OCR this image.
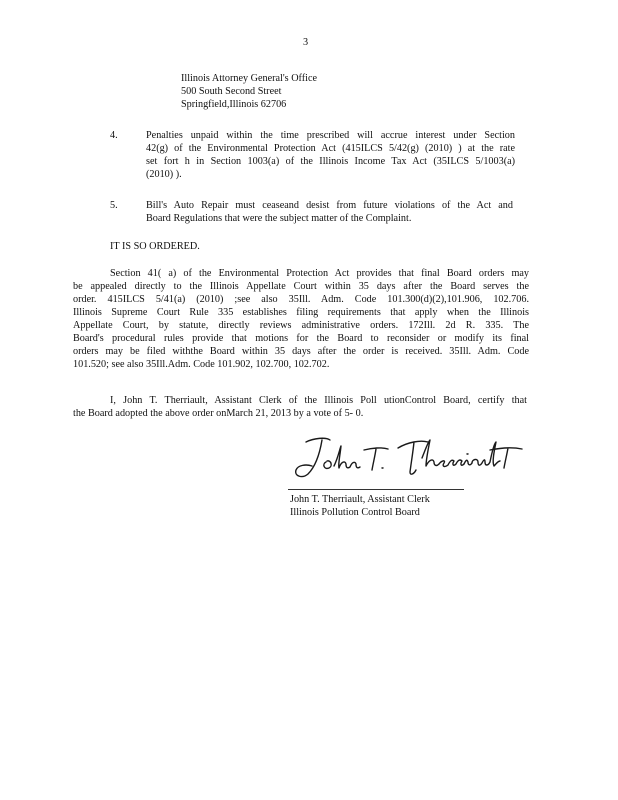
3
Illinois Attorney General's Office
500 South Second Street
Springfield,Illinois 62706
4.	Penalties unpaid within the time prescribed will accrue interest under Section
42(g) of the Environmental Protection Act (415ILCS 5/42(g) (2010) ) at the rate
set fort h in Section 1003(a) of the Illinois Income Tax Act (35ILCS 5/1003(a)
(2010) ).
5.	Bill's Auto Repair must ceaseand desist from future violations of the Act and
Board Regulations that were the subject matter of the Complaint.
IT IS SO ORDERED.
Section 41( a) of the Environmental Protection Act provides that final Board orders may
be appealed directly to the Illinois Appellate Court within 35 days after the Board serves the
order. 415ILCS 5/41(a) (2010) ;see also 35Ill. Adm. Code 101.300(d)(2),101.906, 102.706.
Illinois Supreme Court Rule 335 establishes filing requirements that apply when the Illinois
Appellate Court, by statute, directly reviews administrative orders. 172Ill. 2d R. 335. The
Board's procedural rules provide that motions for the Board to reconsider or modify its final
orders may be filed withthe Board within 35 days after the order is received. 35Ill. Adm. Code
101.520; see also 35Ill.Adm. Code 101.902, 102.700, 102.702.
I, John T. Therriault, Assistant Clerk of the Illinois Poll utionControl Board, certify that
the Board adopted the above order onMarch 21, 2013 by a vote of 5- 0.
John T. Therriault, Assistant Clerk
Illinois Pollution Control Board
